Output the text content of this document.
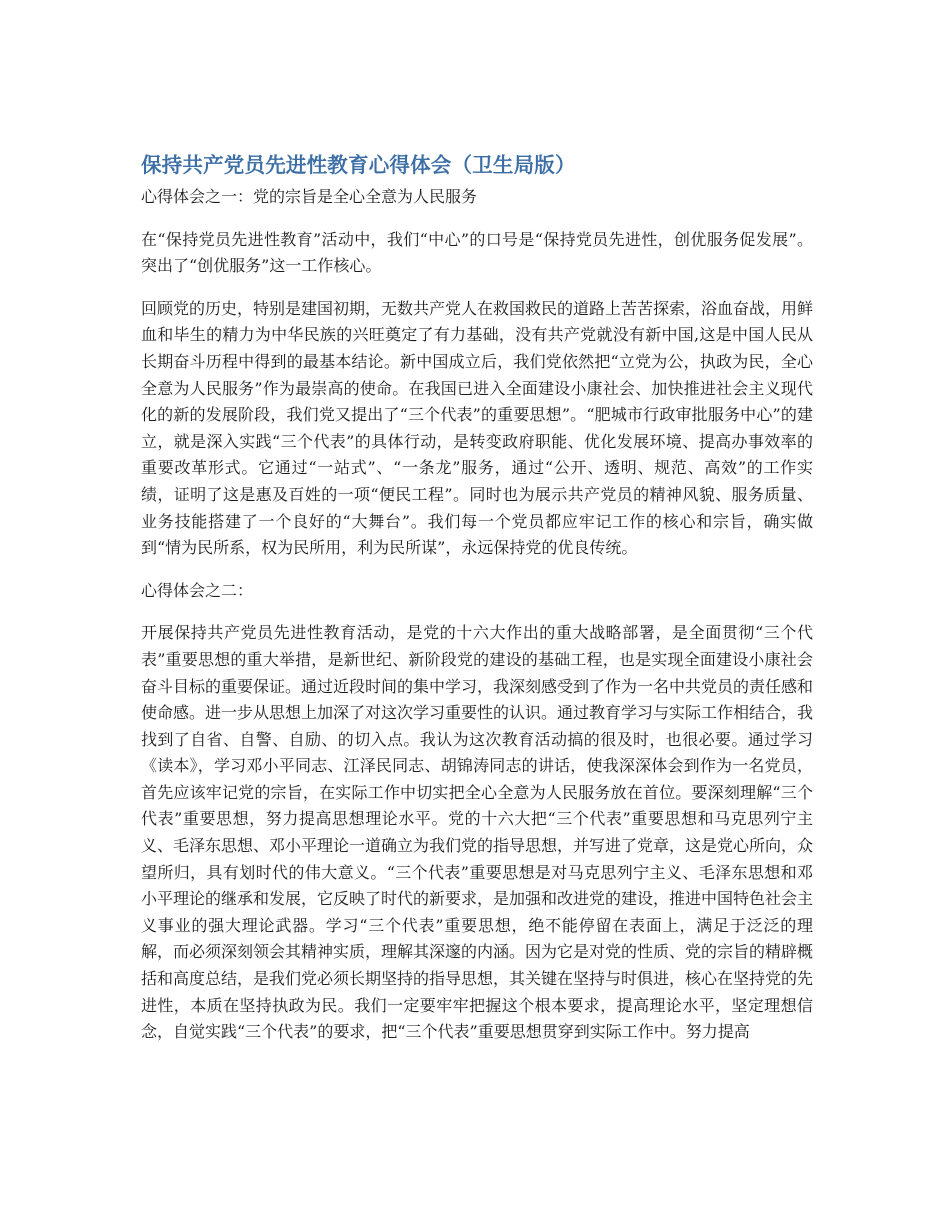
保持共产党员先进性教育心得体会（卫生局版）

心得体会之一：党的宗旨是全心全意为人民服务

在“保持党员先进性教育”活动中，我们“中心”的口号是“保持党员先进性，创优服务促发展”。突出了“创优服务”这一工作核心。

回顾党的历史，特别是建国初期，无数共产党人在救国救民的道路上苦苦探索，浴血奋战，用鲜血和毕生的精力为中华民族的兴旺奠定了有力基础，没有共产党就没有新中国,这是中国人民从长期奋斗历程中得到的最基本结论。新中国成立后，我们党依然把“立党为公，执政为民，全心全意为人民服务”作为最崇高的使命。在我国已进入全面建设小康社会、加快推进社会主义现代化的新的发展阶段，我们党又提出了“三个代表”的重要思想”。“肥城市行政审批服务中心”的建立，就是深入实践“三个代表”的具体行动，是转变政府职能、优化发展环境、提高办事效率的重要改革形式。它通过“一站式”、“一条龙”服务，通过“公开、透明、规范、高效”的工作实绩，证明了这是惠及百姓的一项“便民工程”。同时也为展示共产党员的精神风貌、服务质量、业务技能搭建了一个良好的“大舞台”。我们每一个党员都应牢记工作的核心和宗旨，确实做到“情为民所系，权为民所用，利为民所谋”，永远保持党的优良传统。

心得体会之二：

开展保持共产党员先进性教育活动，是党的十六大作出的重大战略部署，是全面贯彻“三个代表”重要思想的重大举措，是新世纪、新阶段党的建设的基础工程，也是实现全面建设小康社会奋斗目标的重要保证。通过近段时间的集中学习，我深刻感受到了作为一名中共党员的责任感和使命感。进一步从思想上加深了对这次学习重要性的认识。通过教育学习与实际工作相结合，我找到了自省、自警、自励、的切入点。我认为这次教育活动搞的很及时，也很必要。通过学习《读本》，学习邓小平同志、江泽民同志、胡锦涛同志的讲话，使我深深体会到作为一名党员，首先应该牢记党的宗旨，在实际工作中切实把全心全意为人民服务放在首位。要深刻理解“三个代表”重要思想，努力提高思想理论水平。党的十六大把“三个代表”重要思想和马克思列宁主义、毛泽东思想、邓小平理论一道确立为我们党的指导思想，并写进了党章，这是党心所向，众望所归，具有划时代的伟大意义。“三个代表”重要思想是对马克思列宁主义、毛泽东思想和邓小平理论的继承和发展，它反映了时代的新要求，是加强和改进党的建设，推进中国特色社会主义事业的强大理论武器。学习“三个代表”重要思想，绝不能停留在表面上，满足于泛泛的理解，而必须深刻领会其精神实质，理解其深邃的内涵。因为它是对党的性质、党的宗旨的精辟概括和高度总结，是我们党必须长期坚持的指导思想，其关键在坚持与时俱进，核心在坚持党的先进性，本质在坚持执政为民。我们一定要牢牢把握这个根本要求，提高理论水平，坚定理想信念，自觉实践“三个代表”的要求，把“三个代表”重要思想贯穿到实际工作中。努力提高
